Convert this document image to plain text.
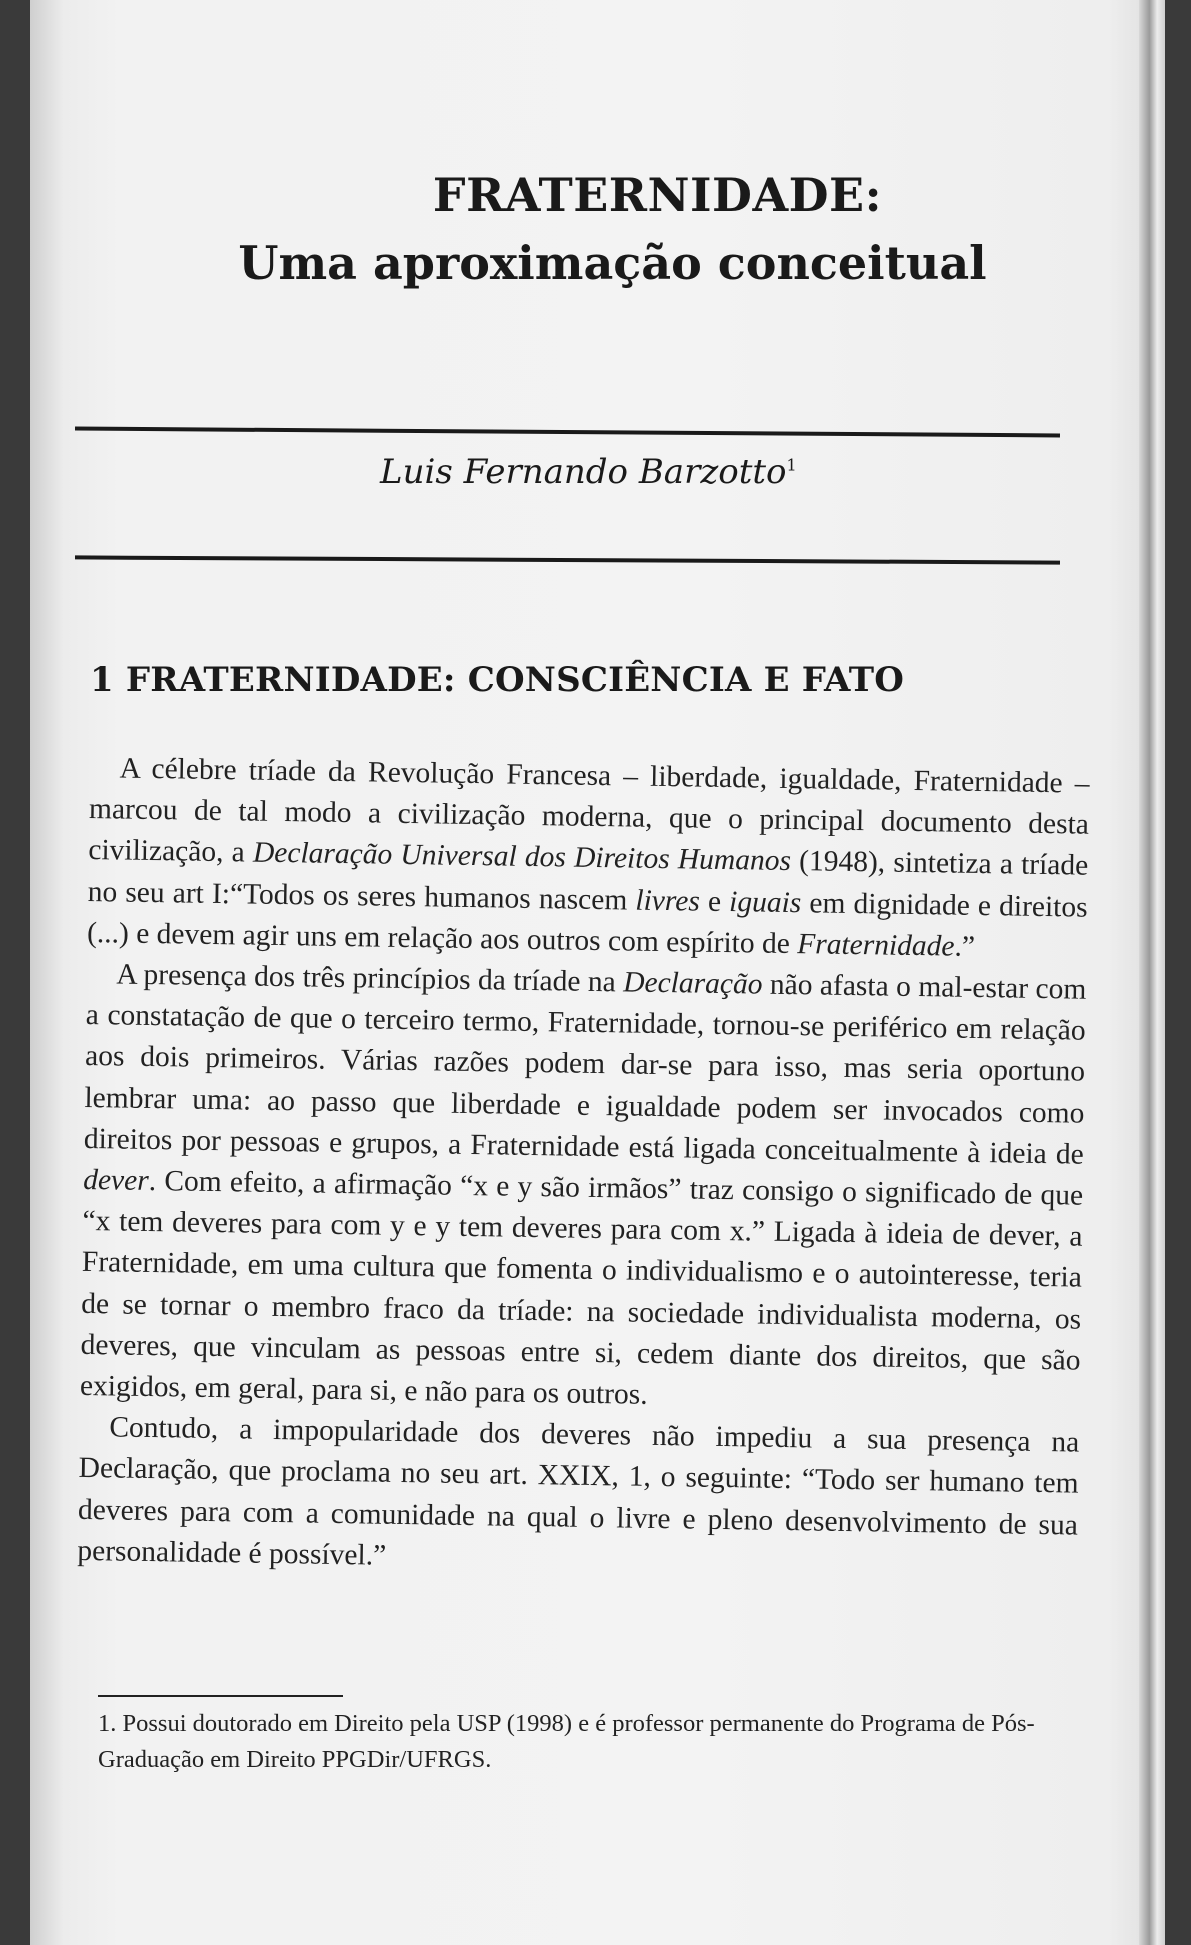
FRATERNIDADE:
Uma aproximação conceitual
Luis Fernando Barzotto$^1$
1 FRATERNIDADE: CONSCIÊNCIA E FATO

A célebre tríade da Revolução Francesa – liberdade, igualdade, Fraternidade – marcou de tal modo a civilização moderna, que o principal documento desta civilização, a Declaração Universal dos Direitos Humanos (1948), sintetiza a tríade no seu art I:“Todos os seres humanos nascem livres e iguais em dignidade e direitos (...) e devem agir uns em relação aos outros com espírito de Fraternidade.”

A presença dos três princípios da tríade na Declaração não afasta o mal-estar com a constatação de que o terceiro termo, Fraternidade, tornou-se periférico em relação aos dois primeiros. Várias razões podem dar-se para isso, mas seria oportuno lembrar uma: ao passo que liberdade e igualdade podem ser invocados como direitos por pessoas e grupos, a Fraternidade está ligada conceitualmente à ideia de dever. Com efeito, a afirmação “x e y são irmãos” traz consigo o significado de que “x tem deveres para com y e y tem deveres para com x.” Ligada à ideia de dever, a Fraternidade, em uma cultura que fomenta o individualismo e o autointeresse, teria de se tornar o membro fraco da tríade: na sociedade individualista moderna, os deveres, que vinculam as pessoas entre si, cedem diante dos direitos, que são exigidos, em geral, para si, e não para os outros.

Contudo, a impopularidade dos deveres não impediu a sua presença na Declaração, que proclama no seu art. XXIX, 1, o seguinte: “Todo ser humano tem deveres para com a comunidade na qual o livre e pleno desenvolvimento de sua personalidade é possível.”

1. Possui doutorado em Direito pela USP (1998) e é professor permanente do Programa de Pós-Graduação em Direito PPGDir/UFRGS.
